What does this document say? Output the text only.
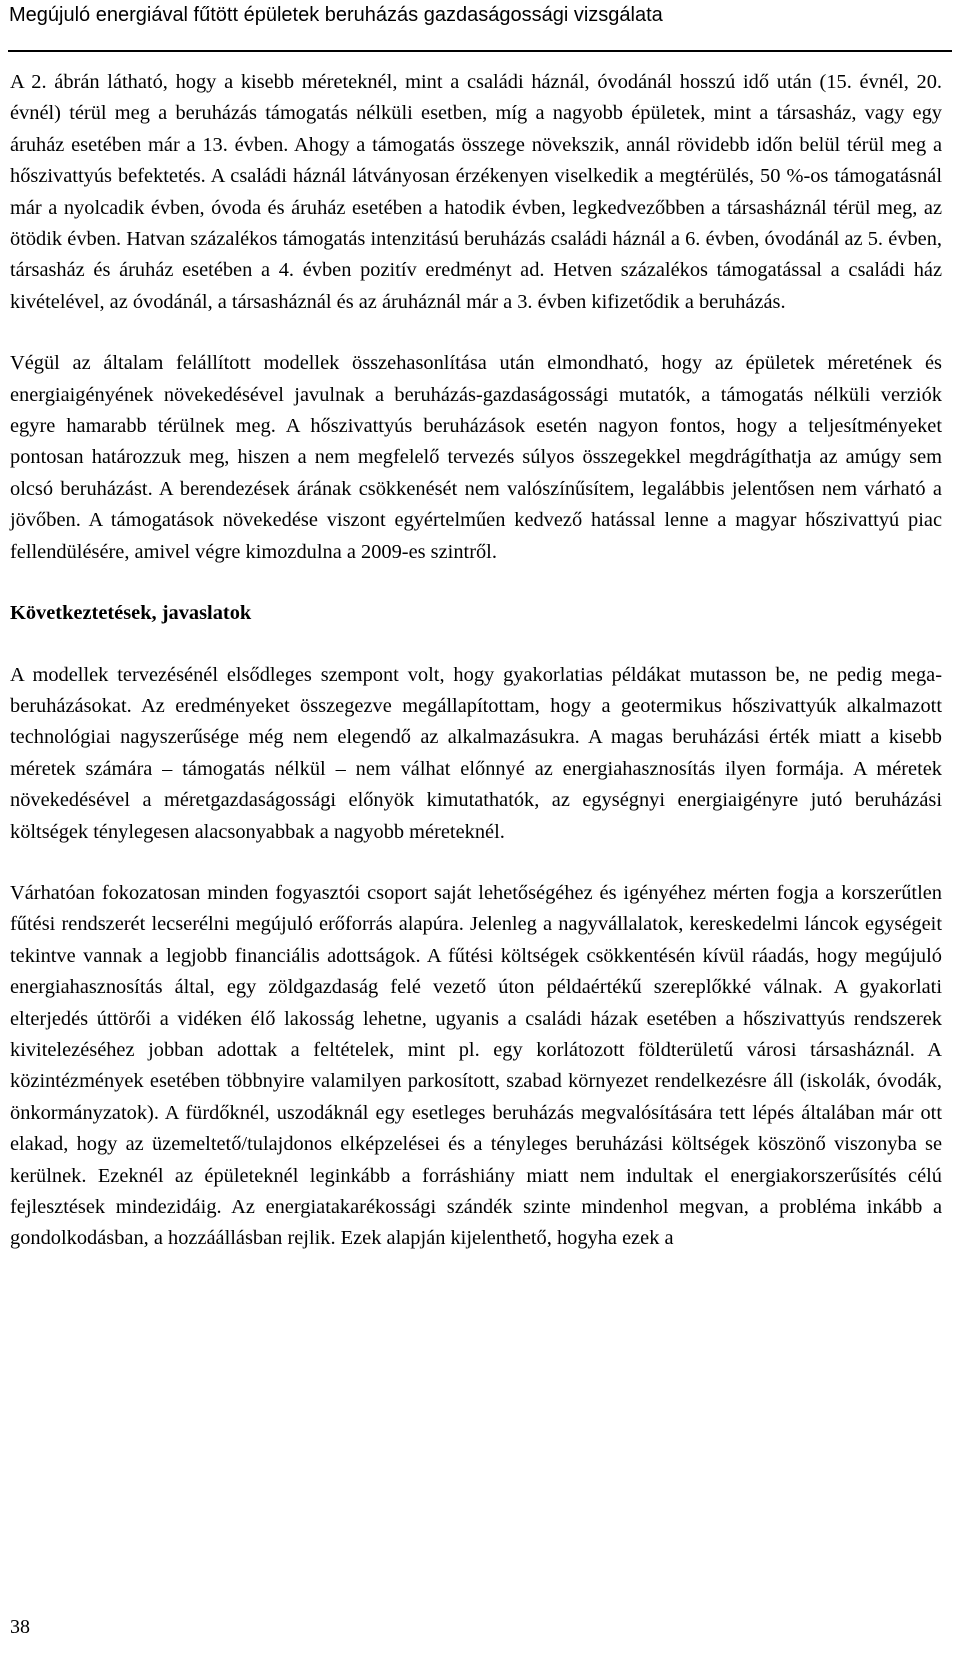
Megújuló energiával fűtött épületek beruházás gazdaságossági vizsgálata

A 2. ábrán látható, hogy a kisebb méreteknél, mint a családi háznál, óvodánál hosszú idő után (15. évnél, 20. évnél) térül meg a beruházás támogatás nélküli esetben, míg a nagyobb épületek, mint a társasház, vagy egy áruház esetében már a 13. évben. Ahogy a támogatás összege növekszik, annál rövidebb időn belül térül meg a hőszivattyús befektetés. A családi háznál látványosan érzékenyen viselkedik a megtérülés, 50 %-os támogatásnál már a nyolcadik évben, óvoda és áruház esetében a hatodik évben, legkedvezőbben a társasháznál térül meg, az ötödik évben. Hatvan százalékos támogatás intenzitású beruházás családi háznál a 6. évben, óvodánál az 5. évben, társasház és áruház esetében a 4. évben pozitív eredményt ad. Hetven százalékos támogatással a családi ház kivételével, az óvodánál, a társasháznál és az áruháznál már a 3. évben kifizetődik a beruházás.

Végül az általam felállított modellek összehasonlítása után elmondható, hogy az épületek méretének és energiaigényének növekedésével javulnak a beruházás-gazdaságossági mutatók, a támogatás nélküli verziók egyre hamarabb térülnek meg. A hőszivattyús beruházások esetén nagyon fontos, hogy a teljesítményeket pontosan határozzuk meg, hiszen a nem megfelelő tervezés súlyos összegekkel megdrágíthatja az amúgy sem olcsó beruházást. A berendezések árának csökkenését nem valószínűsítem, legalábbis jelentősen nem várható a jövőben. A támogatások növekedése viszont egyértelműen kedvező hatással lenne a magyar hőszivattyú piac fellendülésére, amivel végre kimozdulna a 2009-es szintről.

Következtetések, javaslatok

A modellek tervezésénél elsődleges szempont volt, hogy gyakorlatias példákat mutasson be, ne pedig mega-beruházásokat. Az eredményeket összegezve megállapítottam, hogy a geotermikus hőszivattyúk alkalmazott technológiai nagyszerűsége még nem elegendő az alkalmazásukra. A magas beruházási érték miatt a kisebb méretek számára – támogatás nélkül – nem válhat előnnyé az energiahasznosítás ilyen formája. A méretek növekedésével a méretgazdaságossági előnyök kimutathatók, az egységnyi energiaigényre jutó beruházási költségek ténylegesen alacsonyabbak a nagyobb méreteknél.

Várhatóan fokozatosan minden fogyasztói csoport saját lehetőségéhez és igényéhez mérten fogja a korszerűtlen fűtési rendszerét lecserélni megújuló erőforrás alapúra. Jelenleg a nagyvállalatok, kereskedelmi láncok egységeit tekintve vannak a legjobb financiális adottságok. A fűtési költségek csökkentésén kívül ráadás, hogy megújuló energiahasznosítás által, egy zöldgazdaság felé vezető úton példaértékű szereplőkké válnak. A gyakorlati elterjedés úttörői a vidéken élő lakosság lehetne, ugyanis a családi házak esetében a hőszivattyús rendszerek kivitelezéséhez jobban adottak a feltételek, mint pl. egy korlátozott földterületű városi társasháznál. A közintézmények esetében többnyire valamilyen parkosított, szabad környezet rendelkezésre áll (iskolák, óvodák, önkormányzatok). A fürdőknél, uszodáknál egy esetleges beruházás megvalósítására tett lépés általában már ott elakad, hogy az üzemeltető/tulajdonos elképzelései és a tényleges beruházási költségek köszönő viszonyba se kerülnek. Ezeknél az épületeknél leginkább a forráshiány miatt nem indultak el energiakorszerűsítés célú fejlesztések mindezidáig. Az energiatakarékossági szándék szinte mindenhol megvan, a probléma inkább a gondolkodásban, a hozzáállásban rejlik. Ezek alapján kijelenthető, hogyha ezek a

38
